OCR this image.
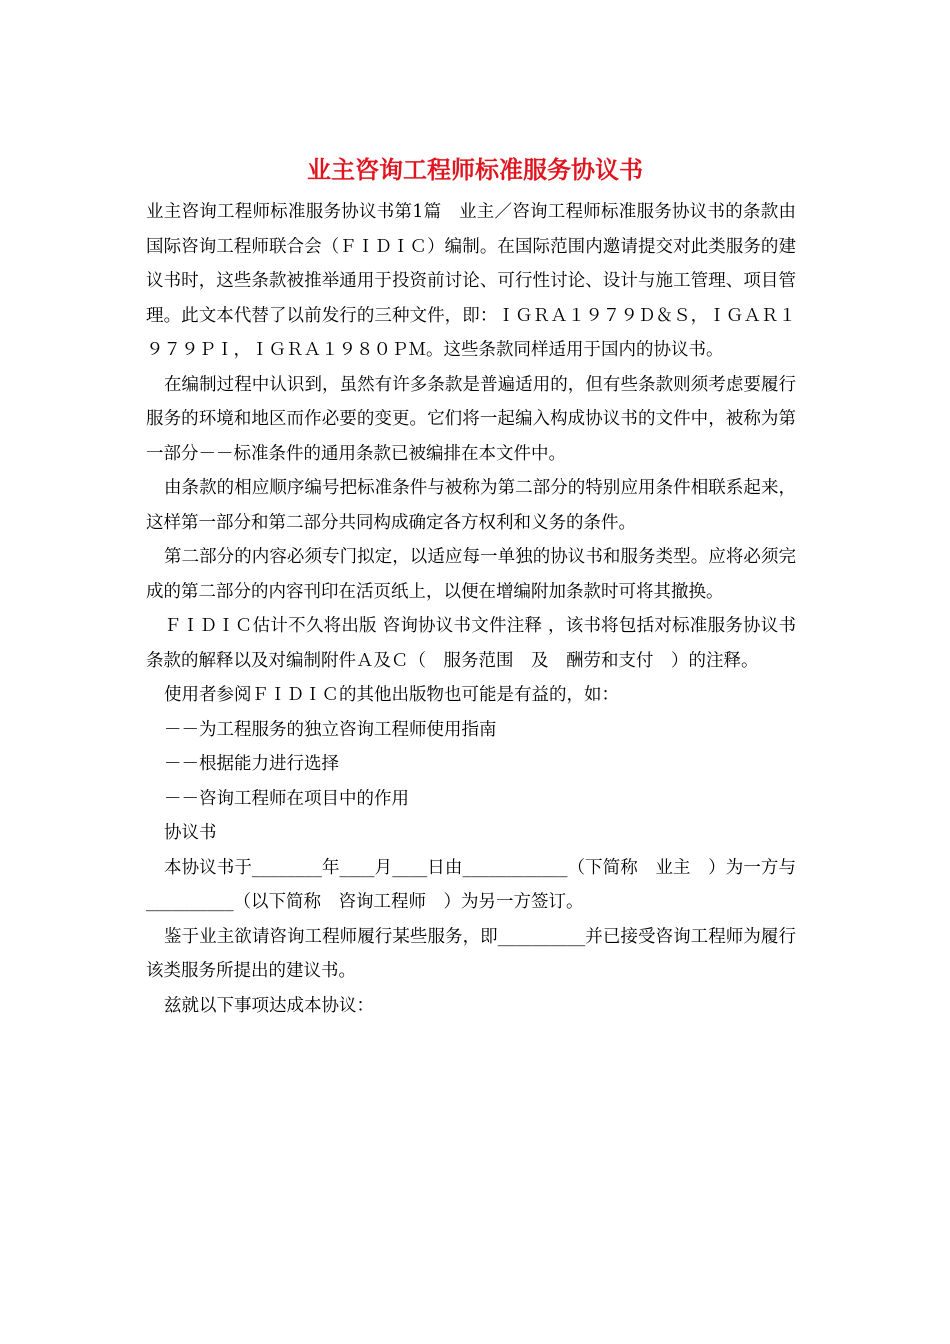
业主咨询工程师标准服务协议书

业主咨询工程师标准服务协议书第1篇　业主／咨询工程师标准服务协议书的条款由国际咨询工程师联合会（ＦＩＤＩＣ）编制。在国际范围内邀请提交对此类服务的建议书时，这些条款被推举通用于投资前讨论、可行性讨论、设计与施工管理、项目管理。此文本代替了以前发行的三种文件，即：ＩＧＲＡ１９７９Ｄ＆Ｓ，ＩＧＡＲ１９７９ＰＩ，ＩＧＲＡ１９８０ＰＭ。这些条款同样适用于国内的协议书。

在编制过程中认识到，虽然有许多条款是普遍适用的，但有些条款则须考虑要履行服务的环境和地区而作必要的变更。它们将一起编入构成协议书的文件中，被称为第一部分－－标准条件的通用条款已被编排在本文件中。

由条款的相应顺序编号把标准条件与被称为第二部分的特别应用条件相联系起来，这样第一部分和第二部分共同构成确定各方权利和义务的条件。

第二部分的内容必须专门拟定，以适应每一单独的协议书和服务类型。应将必须完成的第二部分的内容刊印在活页纸上，以便在增编附加条款时可将其撤换。

ＦＩＤＩＣ估计不久将出版 咨询协议书文件注释 ，该书将包括对标准服务协议书条款的解释以及对编制附件Ａ及Ｃ（　服务范围　及　酬劳和支付　）的注释。

使用者参阅ＦＩＤＩＣ的其他出版物也可能是有益的，如：

－－为工程服务的独立咨询工程师使用指南

－－根据能力进行选择

－－咨询工程师在项目中的作用

协议书

本协议书于________年____月____日由____________（下简称　业主　）为一方与__________（以下简称　咨询工程师　）为另一方签订。

鉴于业主欲请咨询工程师履行某些服务，即__________并已接受咨询工程师为履行该类服务所提出的建议书。

兹就以下事项达成本协议：
